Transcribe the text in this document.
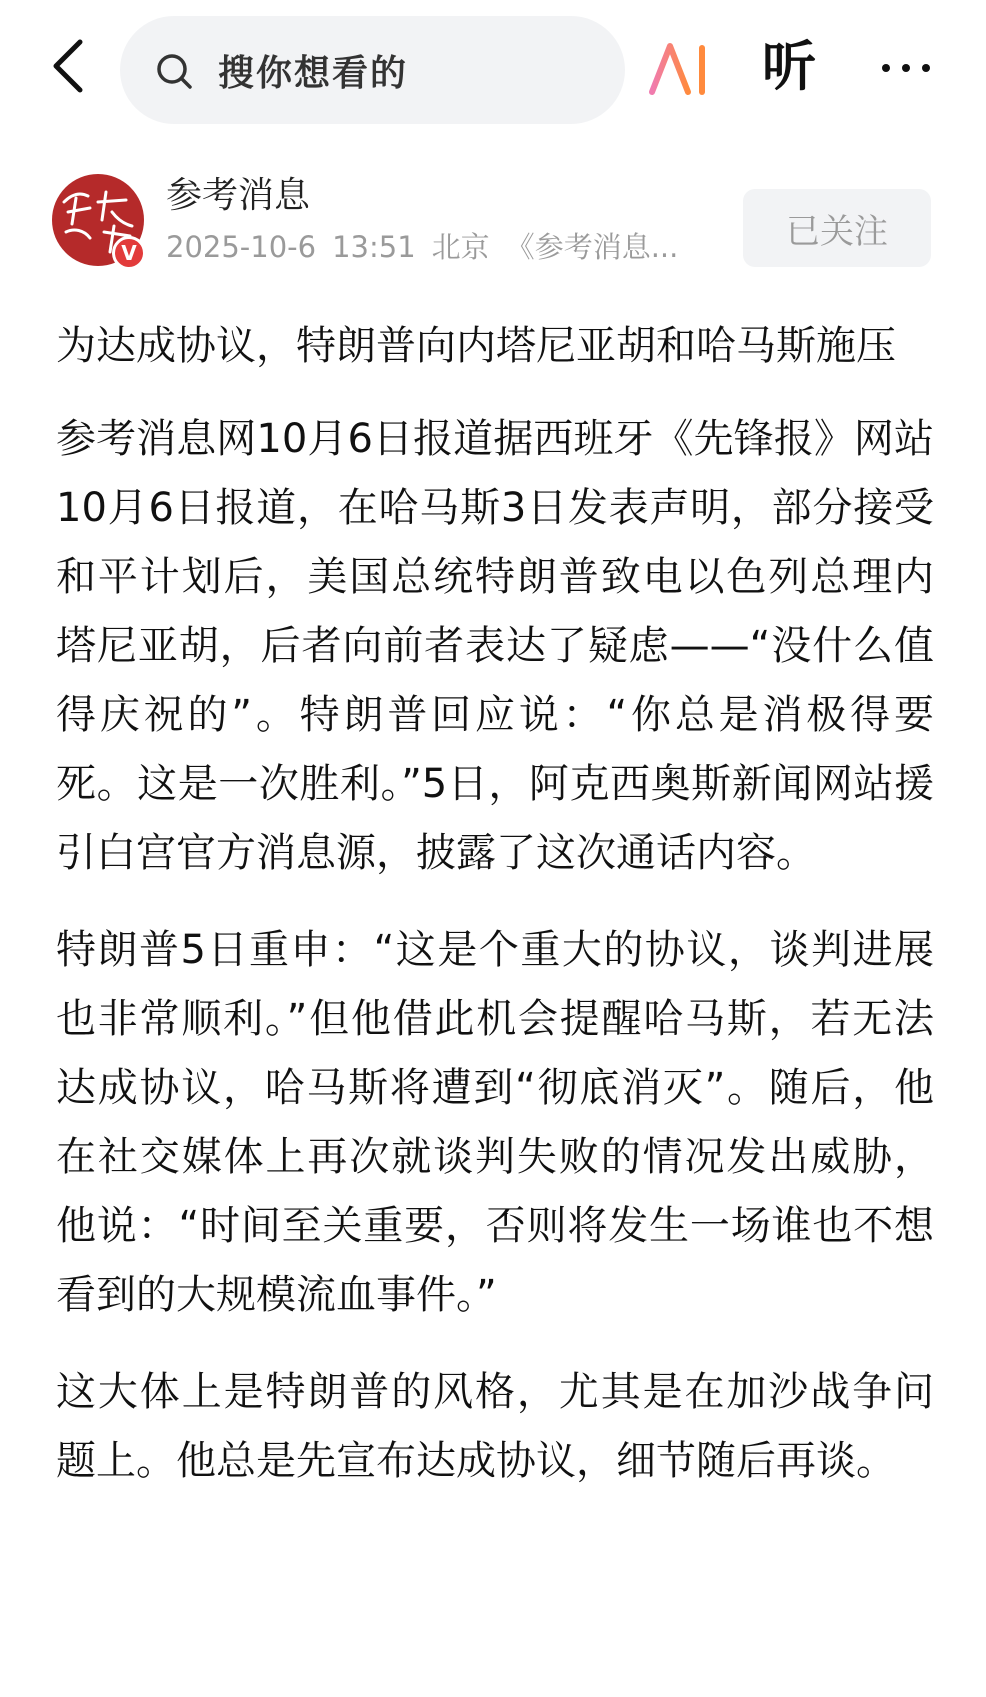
搜你想看的
AI 听
V
参考消息
2025-10-6 13:51 北京 《参考消息...	已关注
为达成协议，特朗普向内塔尼亚胡和哈马斯施压

参考消息网10月6日报道据西班牙《先锋报》网站10月6日报道，在哈马斯3日发表声明，部分接受和平计划后，美国总统特朗普致电以色列总理内塔尼亚胡，后者向前者表达了疑虑——“没什么值得庆祝的”。特朗普回应说：“你总是消极得要死。这是一次胜利。”5日，阿克西奥斯新闻网站援引白宫官方消息源，披露了这次通话内容。

特朗普5日重申：“这是个重大的协议，谈判进展也非常顺利。”但他借此机会提醒哈马斯，若无法达成协议，哈马斯将遭到“彻底消灭”。随后，他在社交媒体上再次就谈判失败的情况发出威胁，他说：“时间至关重要，否则将发生一场谁也不想看到的大规模流血事件。”

这大体上是特朗普的风格，尤其是在加沙战争问题上。他总是先宣布达成协议，细节随后再谈。
